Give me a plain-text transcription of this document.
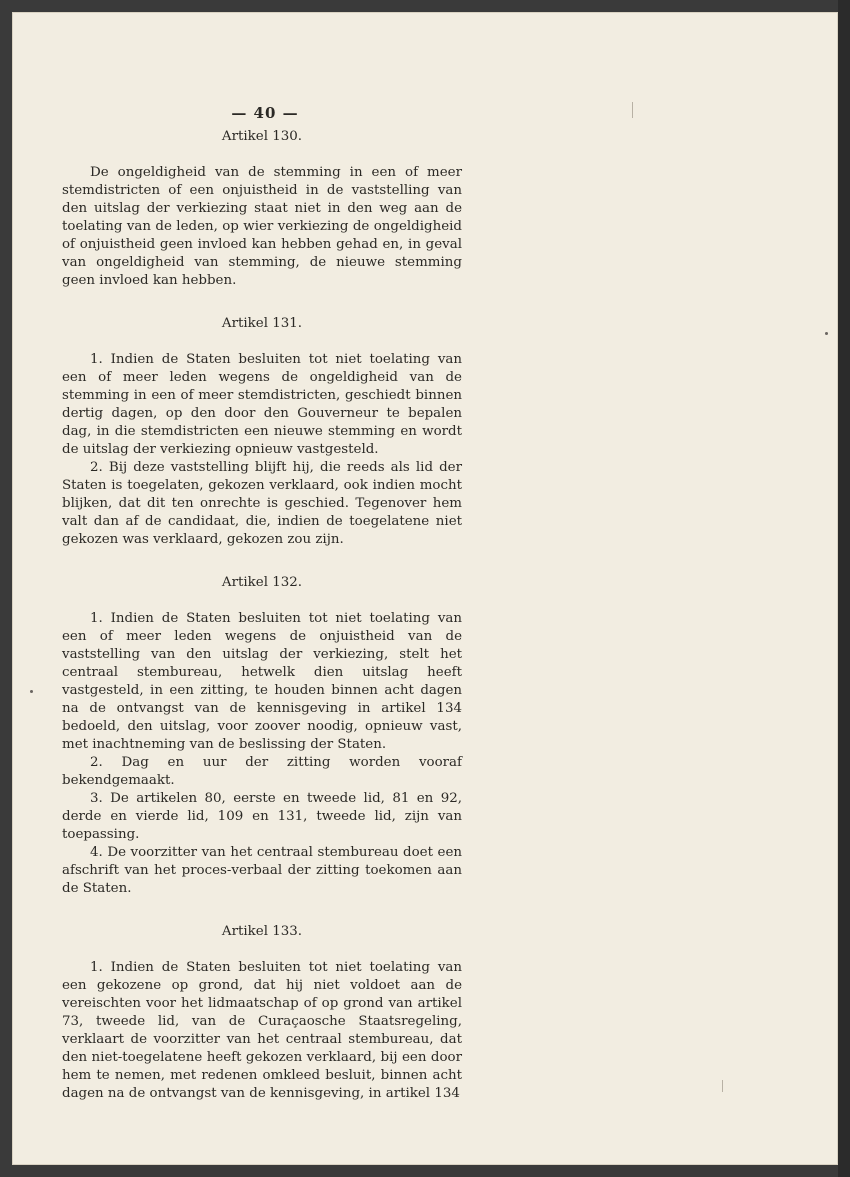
— 40 —
Artikel 130.

De ongeldigheid van de stemming in een of meer stemdistricten of een onjuistheid in de vaststelling van den uitslag der verkiezing staat niet in den weg aan de toelating van de leden, op wier verkiezing de ongeldigheid of onjuistheid geen invloed kan hebben gehad en, in geval van ongeldigheid van stemming, de nieuwe stemming geen invloed kan hebben.

Artikel 131.

1. Indien de Staten besluiten tot niet toelating van een of meer leden wegens de ongeldigheid van de stemming in een of meer stemdistricten, geschiedt binnen dertig dagen, op den door den Gouverneur te bepalen dag, in die stemdistricten een nieuwe stemming en wordt de uitslag der verkiezing opnieuw vastgesteld.

2. Bij deze vaststelling blijft hij, die reeds als lid der Staten is toegelaten, gekozen verklaard, ook indien mocht blijken, dat dit ten onrechte is geschied. Tegenover hem valt dan af de candidaat, die, indien de toegelatene niet gekozen was verklaard, gekozen zou zijn.

Artikel 132.

1. Indien de Staten besluiten tot niet toelating van een of meer leden wegens de onjuistheid van de vaststelling van den uitslag der verkiezing, stelt het centraal stembureau, hetwelk dien uitslag heeft vastgesteld, in een zitting, te houden binnen acht dagen na de ontvangst van de kennisgeving in artikel 134 bedoeld, den uitslag, voor zoover noodig, opnieuw vast, met inachtneming van de beslissing der Staten.

2. Dag en uur der zitting worden vooraf bekendgemaakt.

3. De artikelen 80, eerste en tweede lid, 81 en 92, derde en vierde lid, 109 en 131, tweede lid, zijn van toepassing.

4. De voorzitter van het centraal stembureau doet een afschrift van het proces-verbaal der zitting toekomen aan de Staten.

Artikel 133.

1. Indien de Staten besluiten tot niet toelating van een gekozene op grond, dat hij niet voldoet aan de vereischten voor het lidmaatschap of op grond van artikel 73, tweede lid, van de Curaçaosche Staatsregeling, verklaart de voorzitter van het centraal stembureau, dat den niet-toegelatene heeft gekozen verklaard, bij een door hem te nemen, met redenen omkleed besluit, binnen acht dagen na de ontvangst van de kennisgeving, in artikel 134
